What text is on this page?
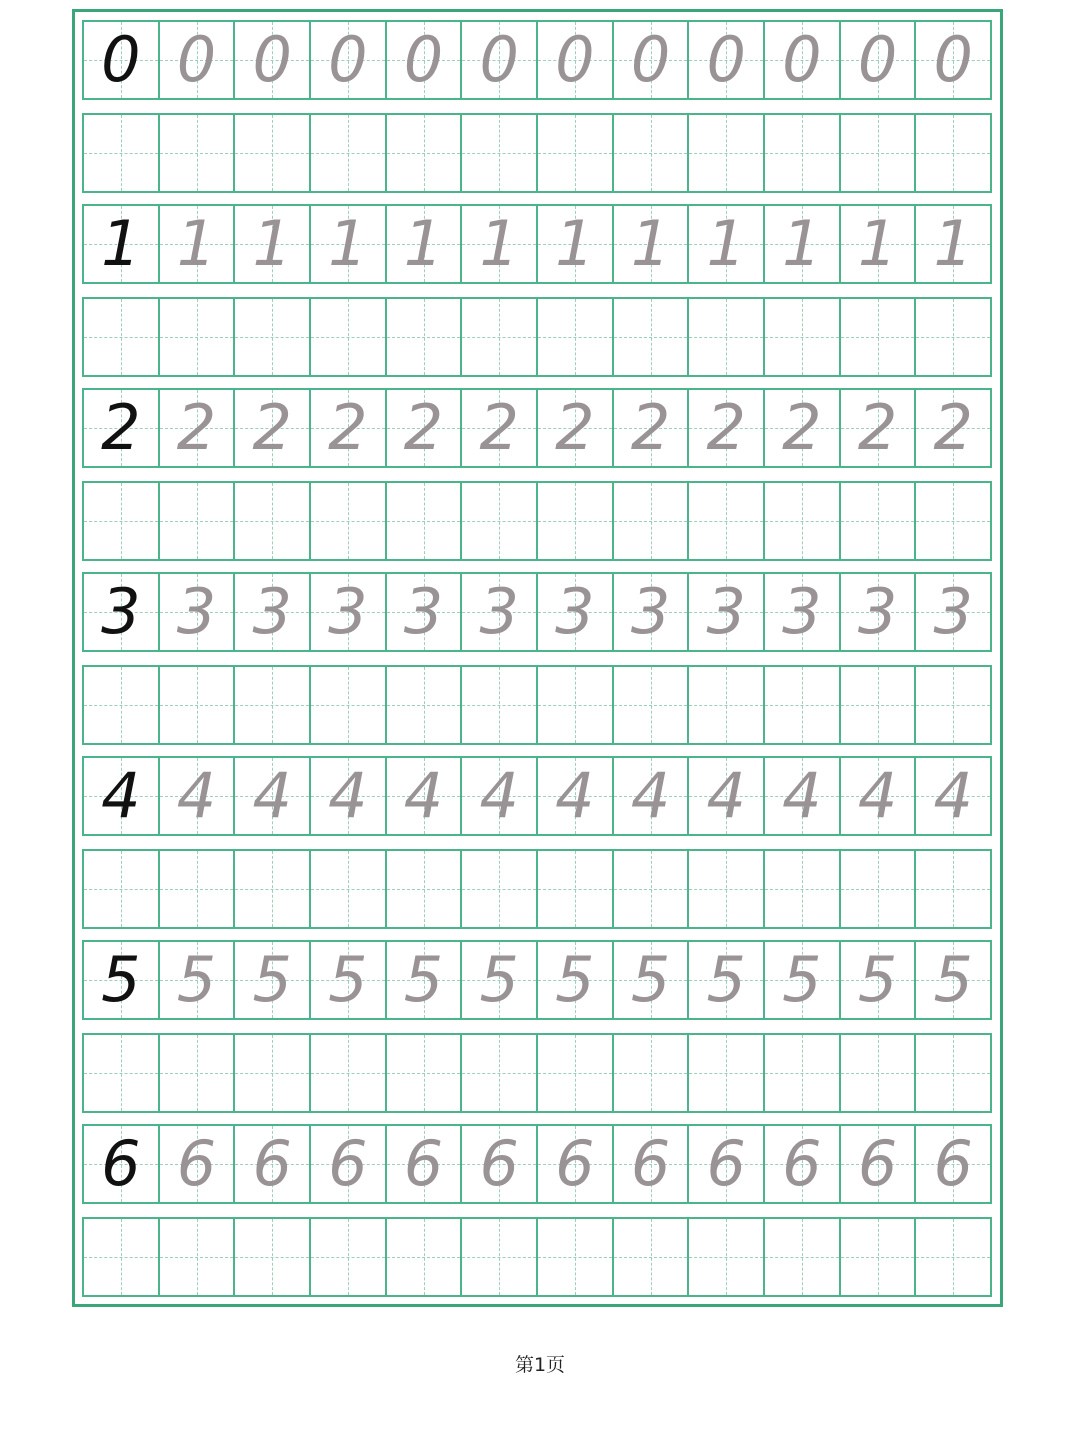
0 0 0 0 0 0 0 0 0 0 0 0
1 1 1 1 1 1 1 1 1 1 1 1
2 2 2 2 2 2 2 2 2 2 2 2
3 3 3 3 3 3 3 3 3 3 3 3
4 4 4 4 4 4 4 4 4 4 4 4
5 5 5 5 5 5 5 5 5 5 5 5
6 6 6 6 6 6 6 6 6 6 6 6
第1页
